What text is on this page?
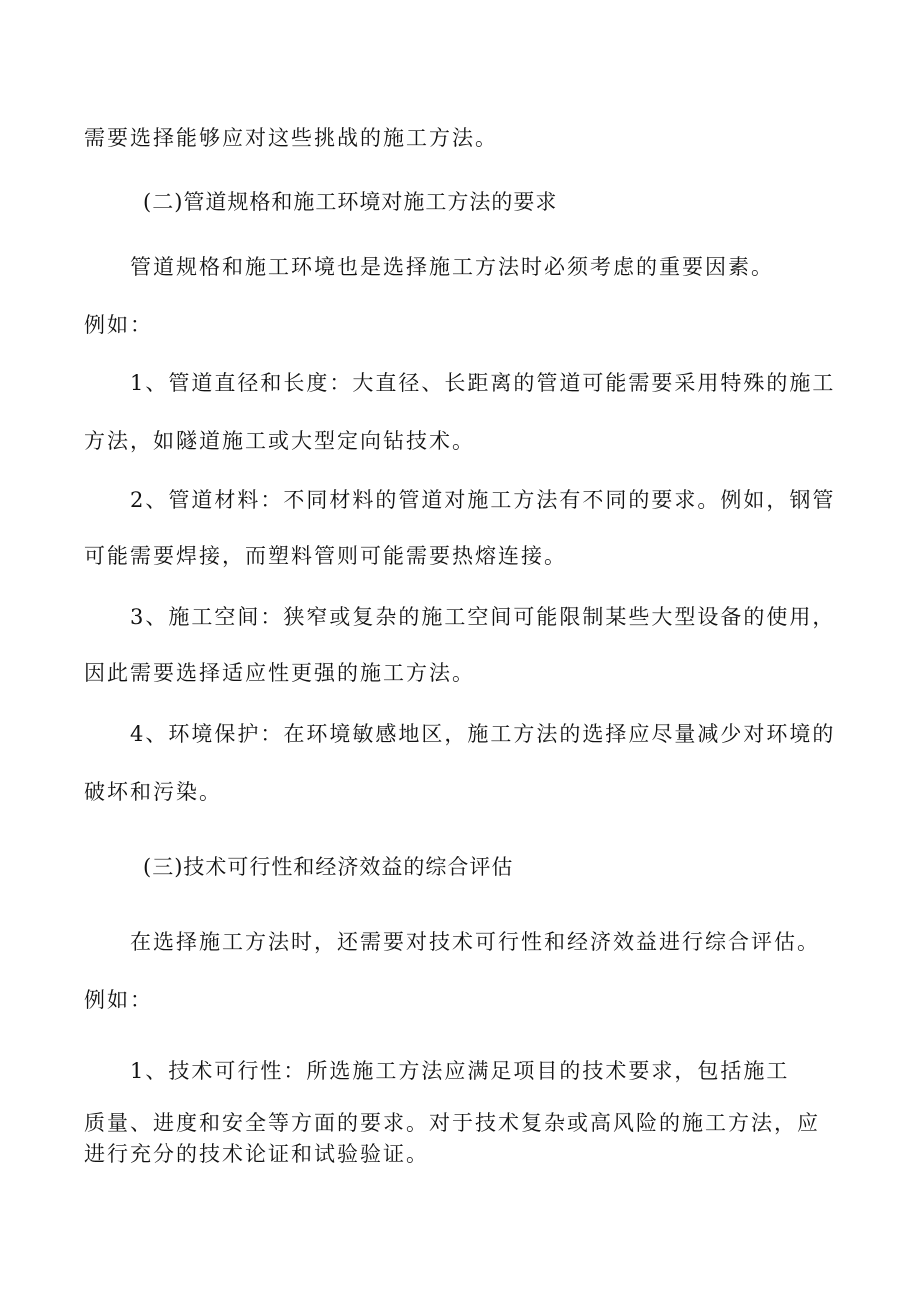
需要选择能够应对这些挑战的施工方法。
(二)管道规格和施工环境对施工方法的要求
管道规格和施工环境也是选择施工方法时必须考虑的重要因素。
例如：
1、管道直径和长度：大直径、长距离的管道可能需要采用特殊的施工
方法，如隧道施工或大型定向钻技术。
2、管道材料：不同材料的管道对施工方法有不同的要求。例如，钢管
可能需要焊接，而塑料管则可能需要热熔连接。
3、施工空间：狭窄或复杂的施工空间可能限制某些大型设备的使用，
因此需要选择适应性更强的施工方法。
4、环境保护：在环境敏感地区，施工方法的选择应尽量减少对环境的
破坏和污染。
(三)技术可行性和经济效益的综合评估
在选择施工方法时，还需要对技术可行性和经济效益进行综合评估。
例如：
1、技术可行性：所选施工方法应满足项目的技术要求，包括施工
质量、进度和安全等方面的要求。对于技术复杂或高风险的施工方法，应
进行充分的技术论证和试验验证。
